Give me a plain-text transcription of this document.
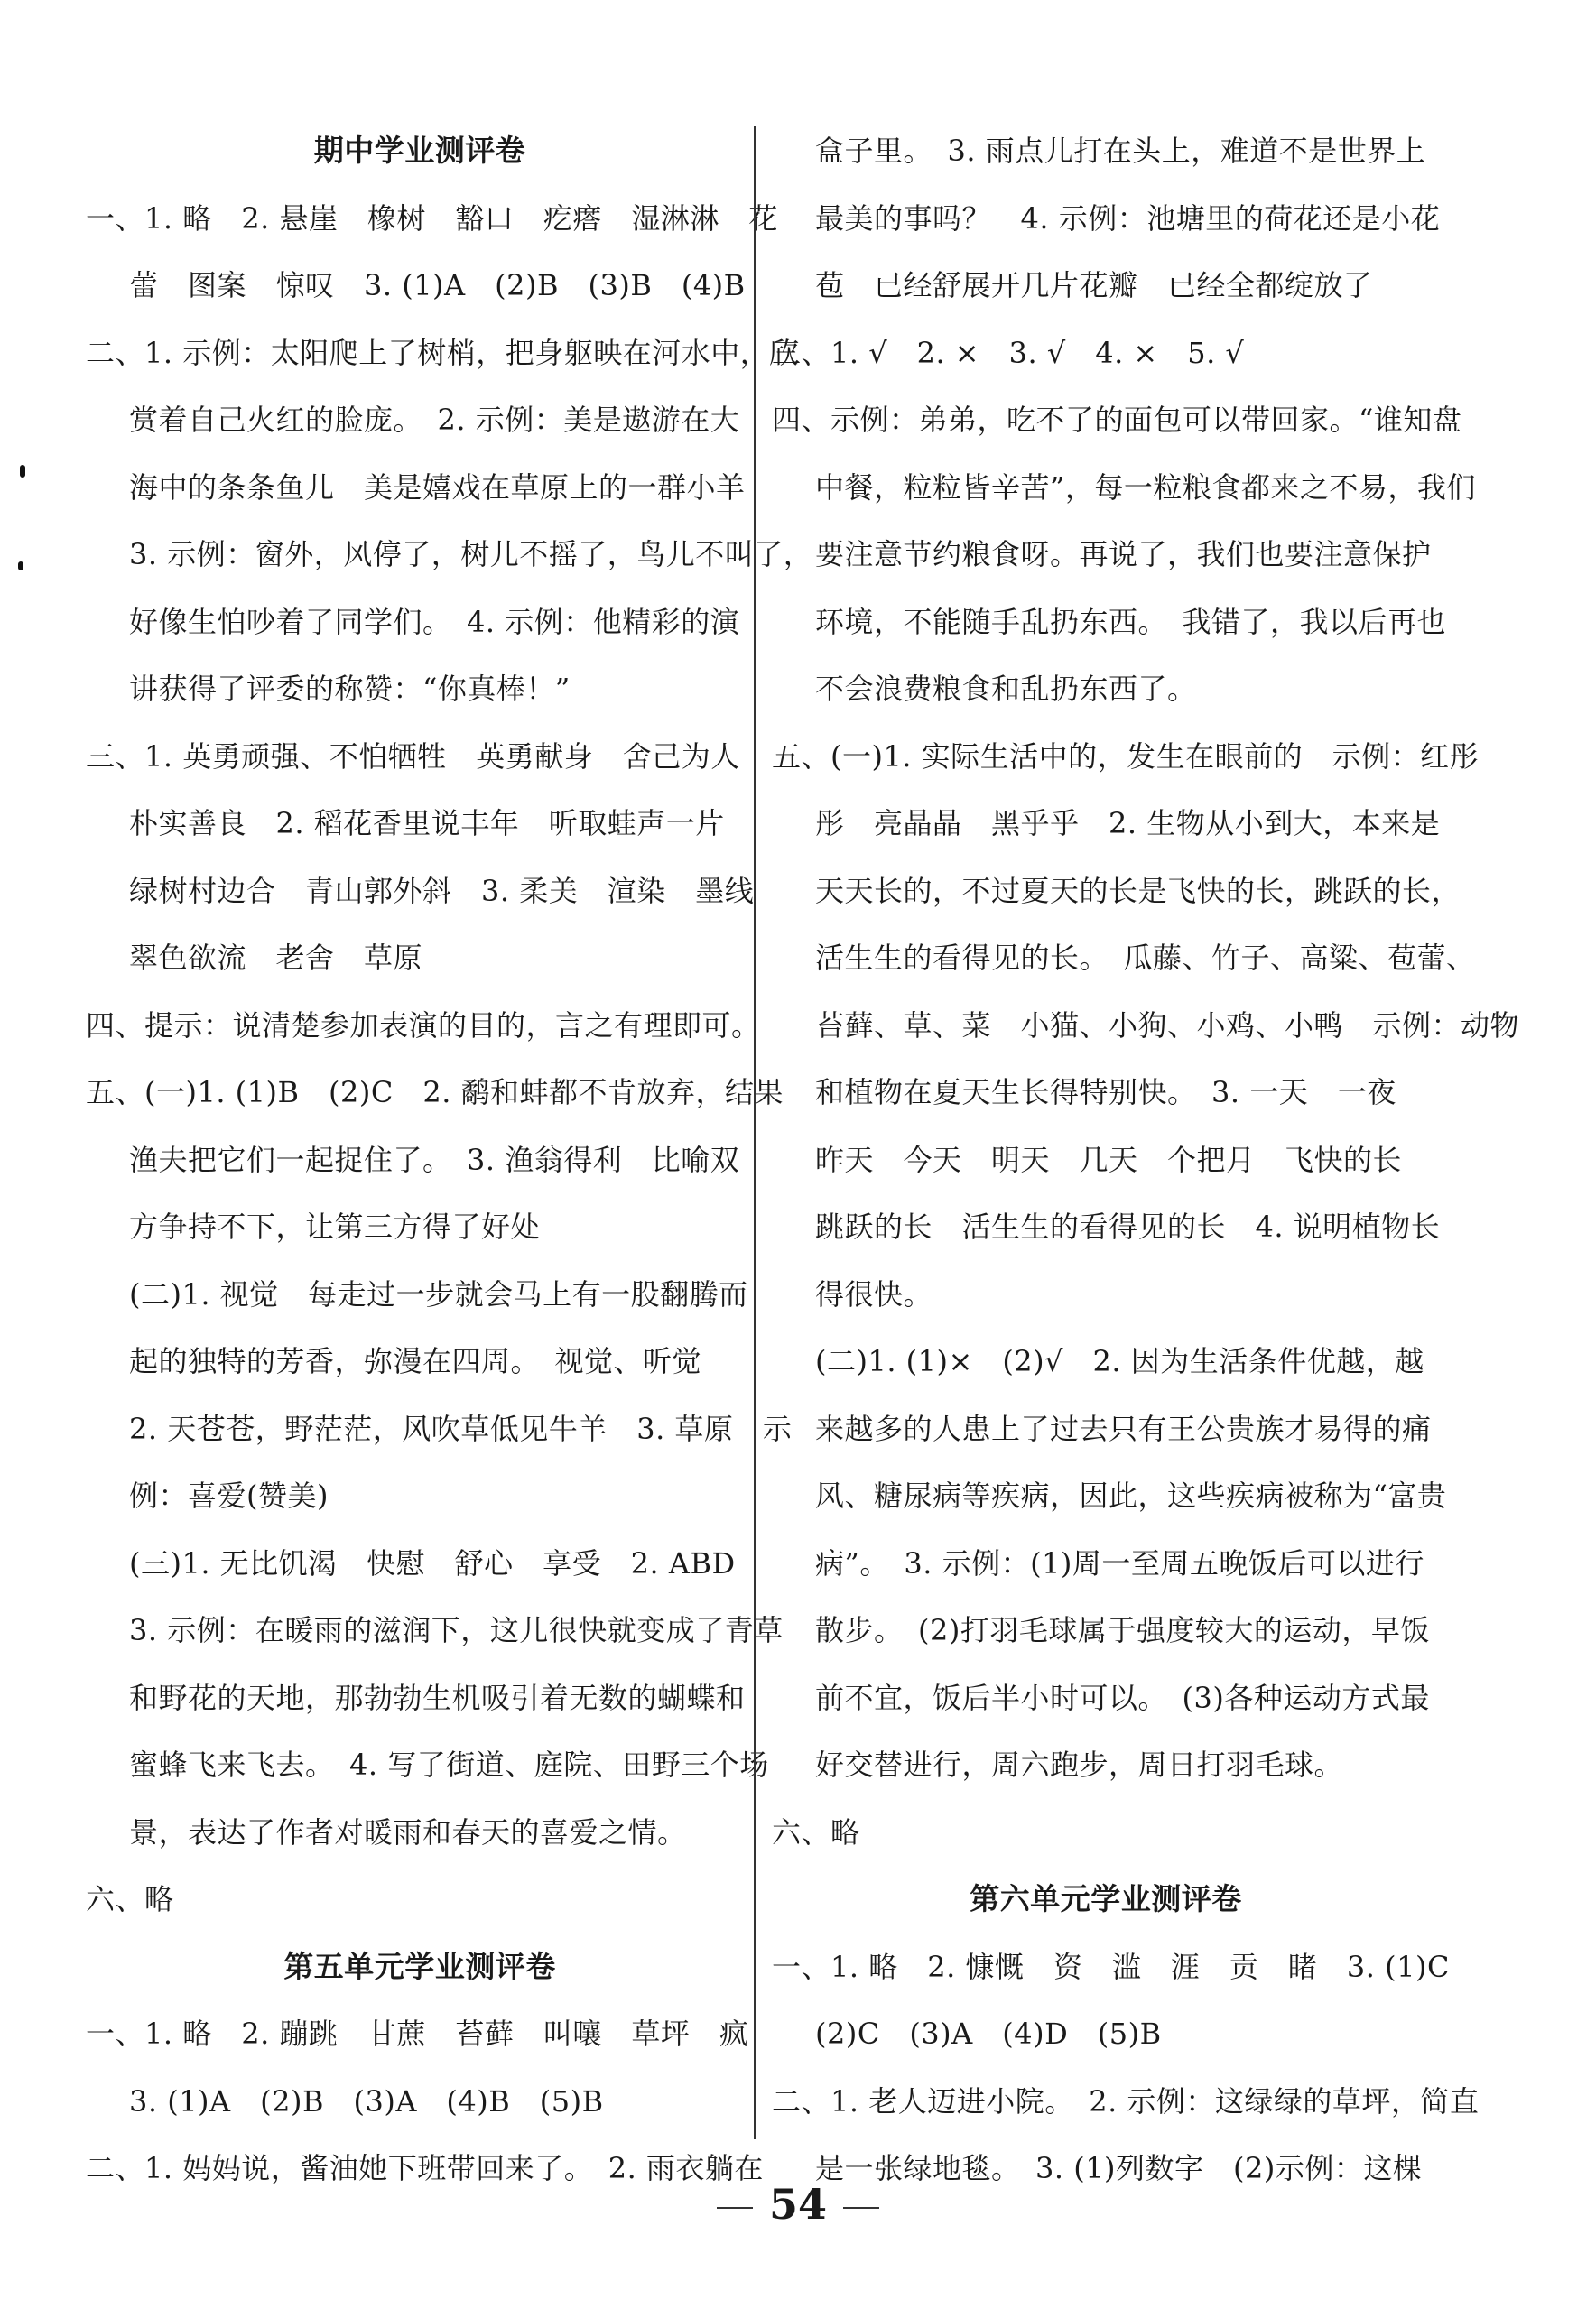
期中学业测评卷
一、1. 略　2. 悬崖　橡树　豁口　疙瘩　湿淋淋　花
蕾　图案　惊叹　3. (1)A　(2)B　(3)B　(4)B
二、1. 示例：太阳爬上了树梢，把身躯映在河水中，欣
赏着自己火红的脸庞。　2. 示例：美是遨游在大
海中的条条鱼儿　美是嬉戏在草原上的一群小羊
3. 示例：窗外，风停了，树儿不摇了，鸟儿不叫了，
好像生怕吵着了同学们。　4. 示例：他精彩的演
讲获得了评委的称赞：“你真棒！”
三、1. 英勇顽强、不怕牺牲　英勇献身　舍己为人
朴实善良　2. 稻花香里说丰年　听取蛙声一片
绿树村边合　青山郭外斜　3. 柔美　渲染　墨线
翠色欲流　老舍　草原
四、提示：说清楚参加表演的目的，言之有理即可。
五、(一)1. (1)B　(2)C　2. 鹬和蚌都不肯放弃，结果
渔夫把它们一起捉住了。　3. 渔翁得利　比喻双
方争持不下，让第三方得了好处
(二)1. 视觉　每走过一步就会马上有一股翻腾而
起的独特的芳香，弥漫在四周。　视觉、听觉
2. 天苍苍，野茫茫，风吹草低见牛羊　3. 草原　示
例：喜爱(赞美)
(三)1. 无比饥渴　快慰　舒心　享受　2. ABD
3. 示例：在暖雨的滋润下，这儿很快就变成了青草
和野花的天地，那勃勃生机吸引着无数的蝴蝶和
蜜蜂飞来飞去。　4. 写了街道、庭院、田野三个场
景，表达了作者对暖雨和春天的喜爱之情。
六、略
第五单元学业测评卷
一、1. 略　2. 蹦跳　甘蔗　苔藓　叫嚷　草坪　疯
3. (1)A　(2)B　(3)A　(4)B　(5)B
二、1. 妈妈说，酱油她下班带回来了。　2. 雨衣躺在
盒子里。　3. 雨点儿打在头上，难道不是世界上
最美的事吗？　4. 示例：池塘里的荷花还是小花
苞　已经舒展开几片花瓣　已经全都绽放了
三、1. √　2. ×　3. √　4. ×　5. √
四、示例：弟弟，吃不了的面包可以带回家。“谁知盘
中餐，粒粒皆辛苦”，每一粒粮食都来之不易，我们
要注意节约粮食呀。再说了，我们也要注意保护
环境，不能随手乱扔东西。　我错了，我以后再也
不会浪费粮食和乱扔东西了。
五、(一)1. 实际生活中的，发生在眼前的　示例：红彤
彤　亮晶晶　黑乎乎　2. 生物从小到大，本来是
天天长的，不过夏天的长是飞快的长，跳跃的长，
活生生的看得见的长。　瓜藤、竹子、高粱、苞蕾、
苔藓、草、菜　小猫、小狗、小鸡、小鸭　示例：动物
和植物在夏天生长得特别快。　3. 一天　一夜
昨天　今天　明天　几天　个把月　飞快的长
跳跃的长　活生生的看得见的长　4. 说明植物长
得很快。
(二)1. (1)×　(2)√　2. 因为生活条件优越，越
来越多的人患上了过去只有王公贵族才易得的痛
风、糖尿病等疾病，因此，这些疾病被称为“富贵
病”。　3. 示例：(1)周一至周五晚饭后可以进行
散步。　(2)打羽毛球属于强度较大的运动，早饭
前不宜，饭后半小时可以。　(3)各种运动方式最
好交替进行，周六跑步，周日打羽毛球。
六、略
第六单元学业测评卷
一、1. 略　2. 慷慨　资　滥　涯　贡　睹　3. (1)C
(2)C　(3)A　(4)D　(5)B
二、1. 老人迈进小院。　2. 示例：这绿绿的草坪，简直
是一张绿地毯。　3. (1)列数字　(2)示例：这棵
54
